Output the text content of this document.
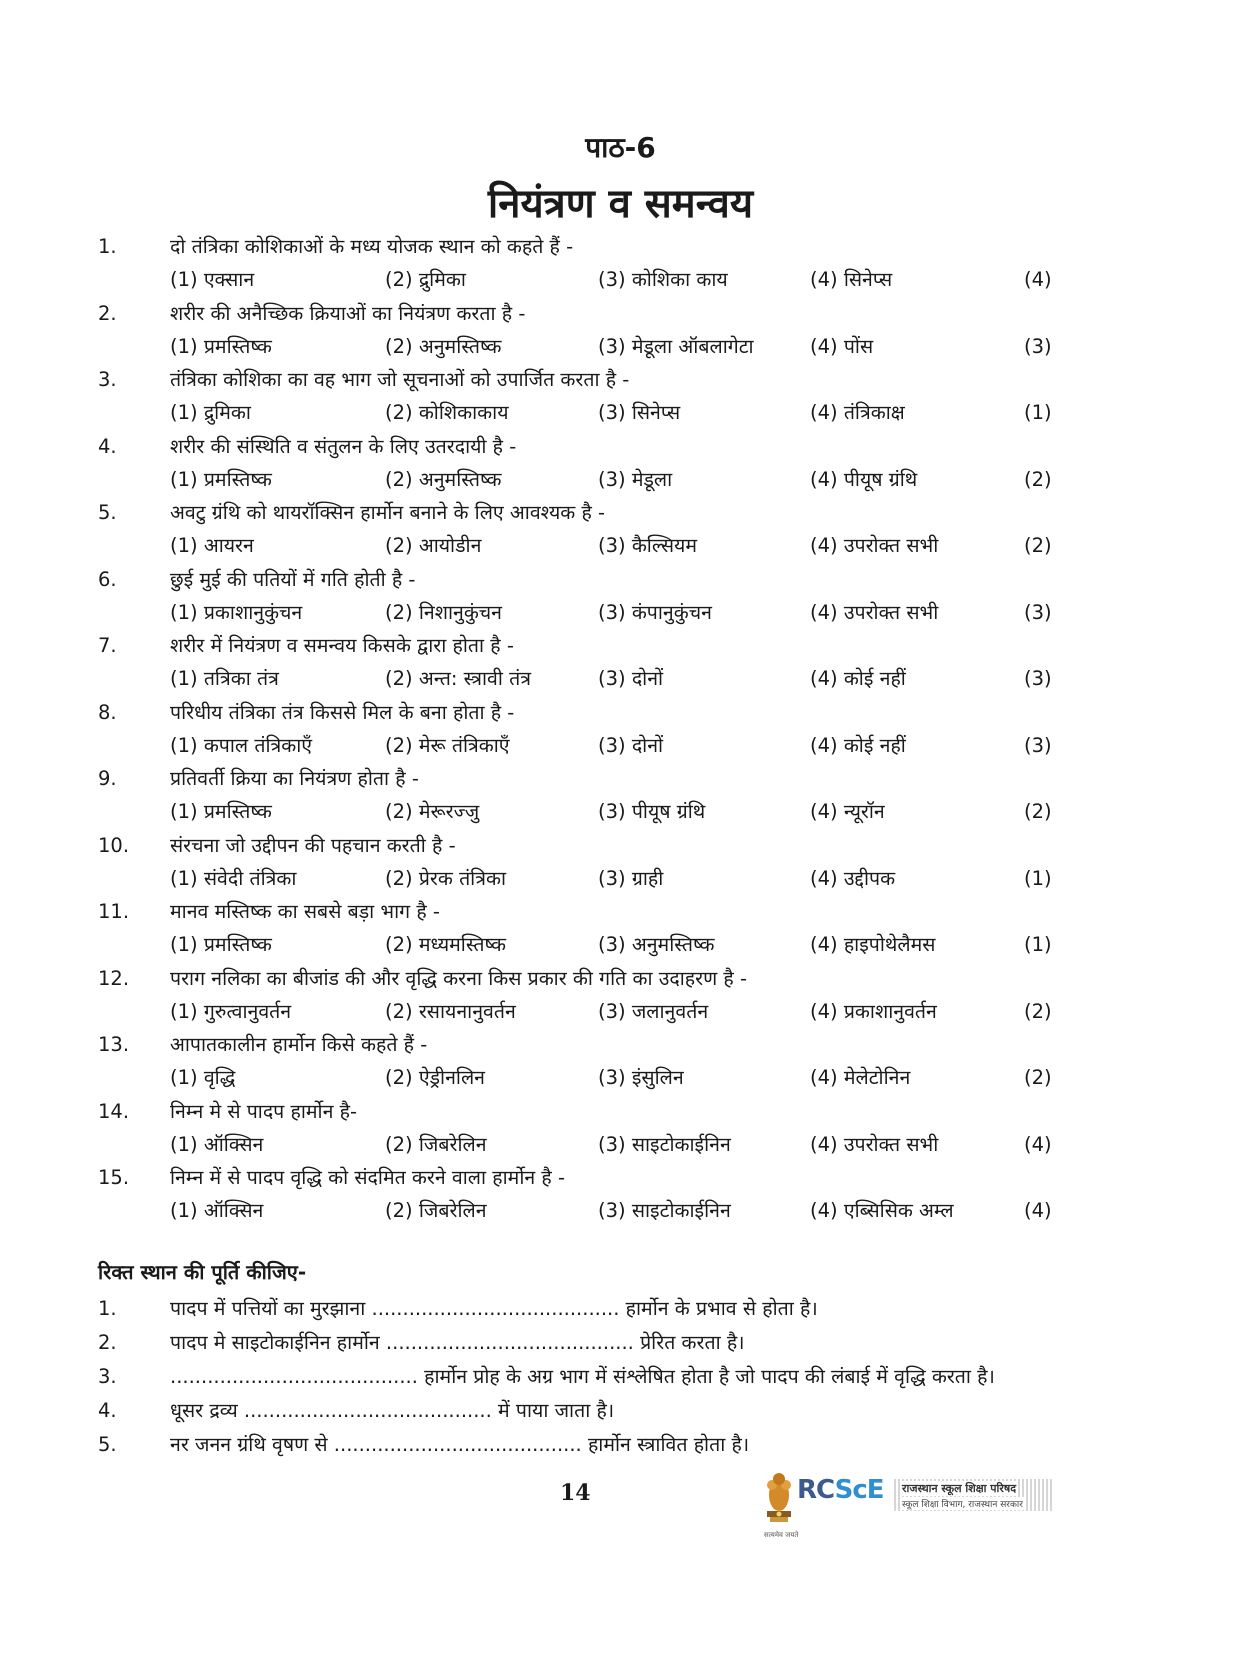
पाठ-6
नियंत्रण व समन्वय
1.	दो तंत्रिका कोशिकाओं के मध्य योजक स्थान को कहते हैं -
(1) एक्सान	(2) द्रुमिका	(3) कोशिका काय	(4) सिनेप्स	(4)
2.	शरीर की अनैच्छिक क्रियाओं का नियंत्रण करता है -
(1) प्रमस्तिष्क	(2) अनुमस्तिष्क	(3) मेडूला ऑबलागेटा	(4) पोंस	(3)
3.	तंत्रिका कोशिका का वह भाग जो सूचनाओं को उपार्जित करता है -
(1) द्रुमिका	(2) कोशिकाकाय	(3) सिनेप्स	(4) तंत्रिकाक्ष	(1)
4.	शरीर की संस्थिति व संतुलन के लिए उतरदायी है -
(1) प्रमस्तिष्क	(2) अनुमस्तिष्क	(3) मेडूला	(4) पीयूष ग्रंथि	(2)
5.	अवटु ग्रंथि को थायरॉक्सिन हार्मोन बनाने के लिए आवश्यक है -
(1) आयरन	(2) आयोडीन	(3) कैल्सियम	(4) उपरोक्त सभी	(2)
6.	छुई मुई की पतियों में गति होती है -
(1) प्रकाशानुकुंचन	(2) निशानुकुंचन	(3) कंपानुकुंचन	(4) उपरोक्त सभी	(3)
7.	शरीर में नियंत्रण व समन्वय किसके द्वारा होता है -
(1) तत्रिका तंत्र	(2) अन्त: स्त्रावी तंत्र	(3) दोनों	(4) कोई नहीं	(3)
8.	परिधीय तंत्रिका तंत्र किससे मिल के बना होता है -
(1) कपाल तंत्रिकाएँ	(2) मेरू तंत्रिकाएँ	(3) दोनों	(4) कोई नहीं	(3)
9.	प्रतिवर्ती क्रिया का नियंत्रण होता है -
(1) प्रमस्तिष्क	(2) मेरूरज्जु	(3) पीयूष ग्रंथि	(4) न्यूरॉन	(2)
10. संरचना जो उद्दीपन की पहचान करती है -
(1) संवेदी तंत्रिका	(2) प्रेरक तंत्रिका	(3) ग्राही	(4) उद्दीपक	(1)
11. मानव मस्तिष्क का सबसे बड़ा भाग है -
(1) प्रमस्तिष्क	(2) मध्यमस्तिष्क	(3) अनुमस्तिष्क	(4) हाइपोथेलैमस	(1)
12. पराग नलिका का बीजांड की और वृद्धि करना किस प्रकार की गति का उदाहरण है -
(1) गुरुत्वानुवर्तन	(2) रसायनानुवर्तन	(3) जलानुवर्तन	(4) प्रकाशानुवर्तन	(2)
13. आपातकालीन हार्मोन किसे कहते हैं -
(1) वृद्धि	(2) ऐड्रीनलिन	(3) इंसुलिन	(4) मेलेटोनिन	(2)
14. निम्न मे से पादप हार्मोन है-
(1) ऑक्सिन	(2) जिबरेलिन	(3) साइटोकाईनिन	(4) उपरोक्त सभी	(4)
15. निम्न में से पादप वृद्धि को संदमित करने वाला हार्मोन है -
(1) ऑक्सिन	(2) जिबरेलिन	(3) साइटोकाईनिन	(4) एब्सिसिक अम्ल	(4)
रिक्त स्थान की पूर्ति कीजिए-
1.	पादप में पत्तियों का मुरझाना ........................................ हार्मोन के प्रभाव से होता है।
2.	पादप मे साइटोकाईनिन हार्मोन ........................................ प्रेरित करता है।
3.	........................................ हार्मोन प्रोह के अग्र भाग में संश्लेषित होता है जो पादप की लंबाई में वृद्धि करता है।
4.	धूसर द्रव्य ........................................ में पाया जाता है।
5.	नर जनन ग्रंथि वृषण से ........................................ हार्मोन स्त्रावित होता है।
14
सत्यमेव जयते
RCScE राजस्थान स्कूल शिक्षा परिषद
स्कूल शिक्षा विभाग, राजस्थान सरकार
